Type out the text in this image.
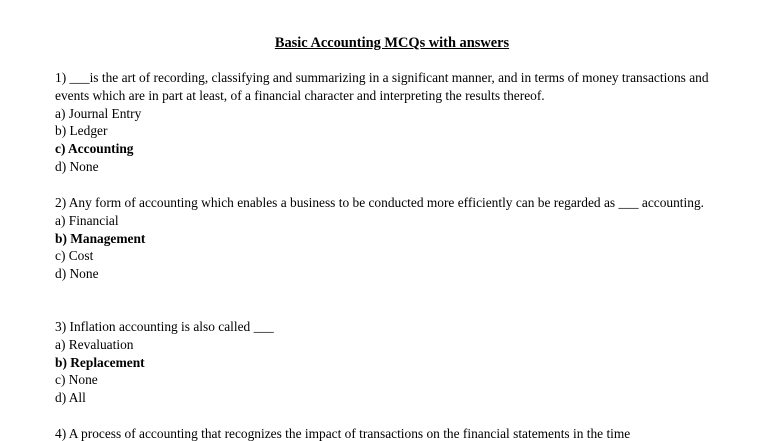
Basic Accounting MCQs with answers

1) ___is the art of recording, classifying and summarizing in a significant manner, and in terms of money transactions and events which are in part at least, of a financial character and interpreting the results thereof.

a) Journal Entry

b) Ledger

c) Accounting

d) None

2) Any form of accounting which enables a business to be conducted more efficiently can be regarded as ___ accounting.

a) Financial

b) Management

c) Cost

d) None

3) Inflation accounting is also called ___

a) Revaluation

b) Replacement

c) None

d) All

4) A process of accounting that recognizes the impact of transactions on the financial statements in the time
